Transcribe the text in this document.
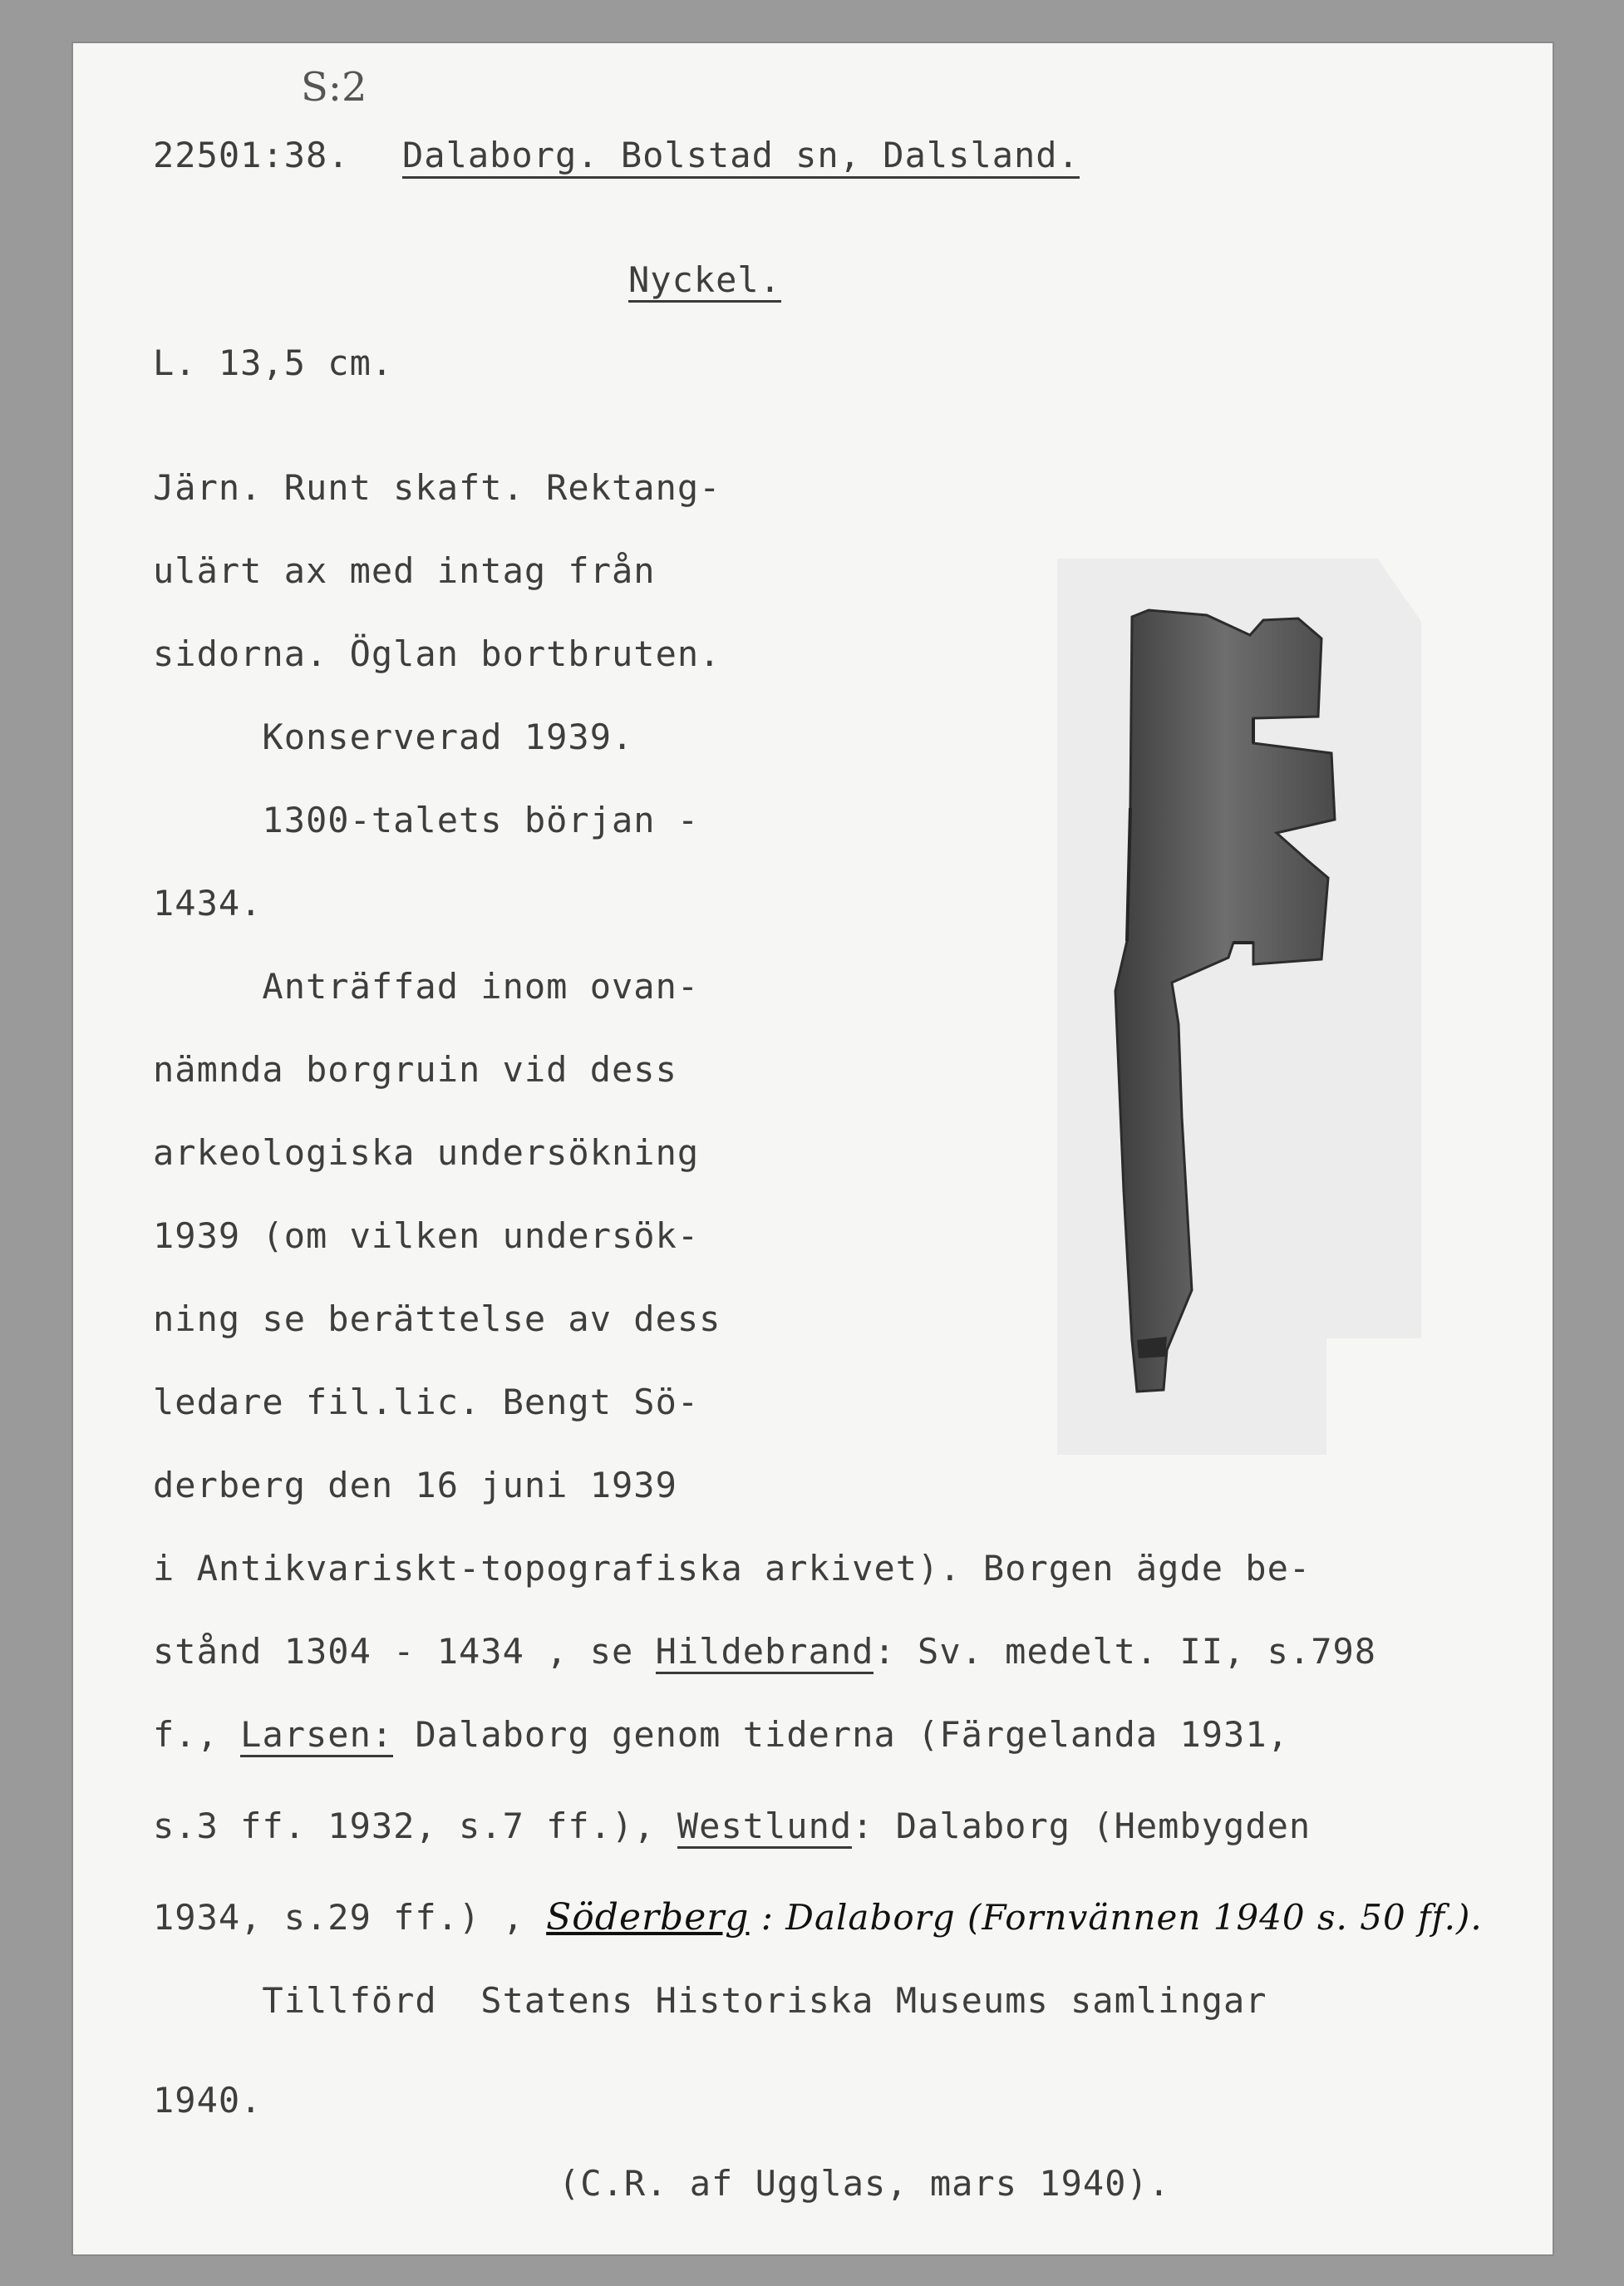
S:2
22501:38. Dalaborg. Bolstad sn, Dalsland.
Nyckel.
L. 13,5 cm.
Järn. Runt skaft. Rektang-
ulärt ax med intag från
sidorna. Öglan bortbruten.
Konserverad 1939.
1300-talets början -
1434.
Anträffad inom ovan-
nämnda borgruin vid dess
arkeologiska undersökning
1939 (om vilken undersök-
ning se berättelse av dess
ledare fil.lic. Bengt Sö-
derberg den 16 juni 1939
i Antikvariskt-topografiska arkivet). Borgen ägde be-
stånd 1304 - 1434 , se Hildebrand: Sv. medelt. II, s.798
f., Larsen: Dalaborg genom tiderna (Färgelanda 1931,
s.3 ff. 1932, s.7 ff.), Westlund: Dalaborg (Hembygden
1934, s.29 ff.) , Söderberg : Dalaborg (Fornvännen 1940 s. 50 ff.).
Tillförd  Statens Historiska Museums samlingar
1940.
(C.R. af Ugglas, mars 1940).
